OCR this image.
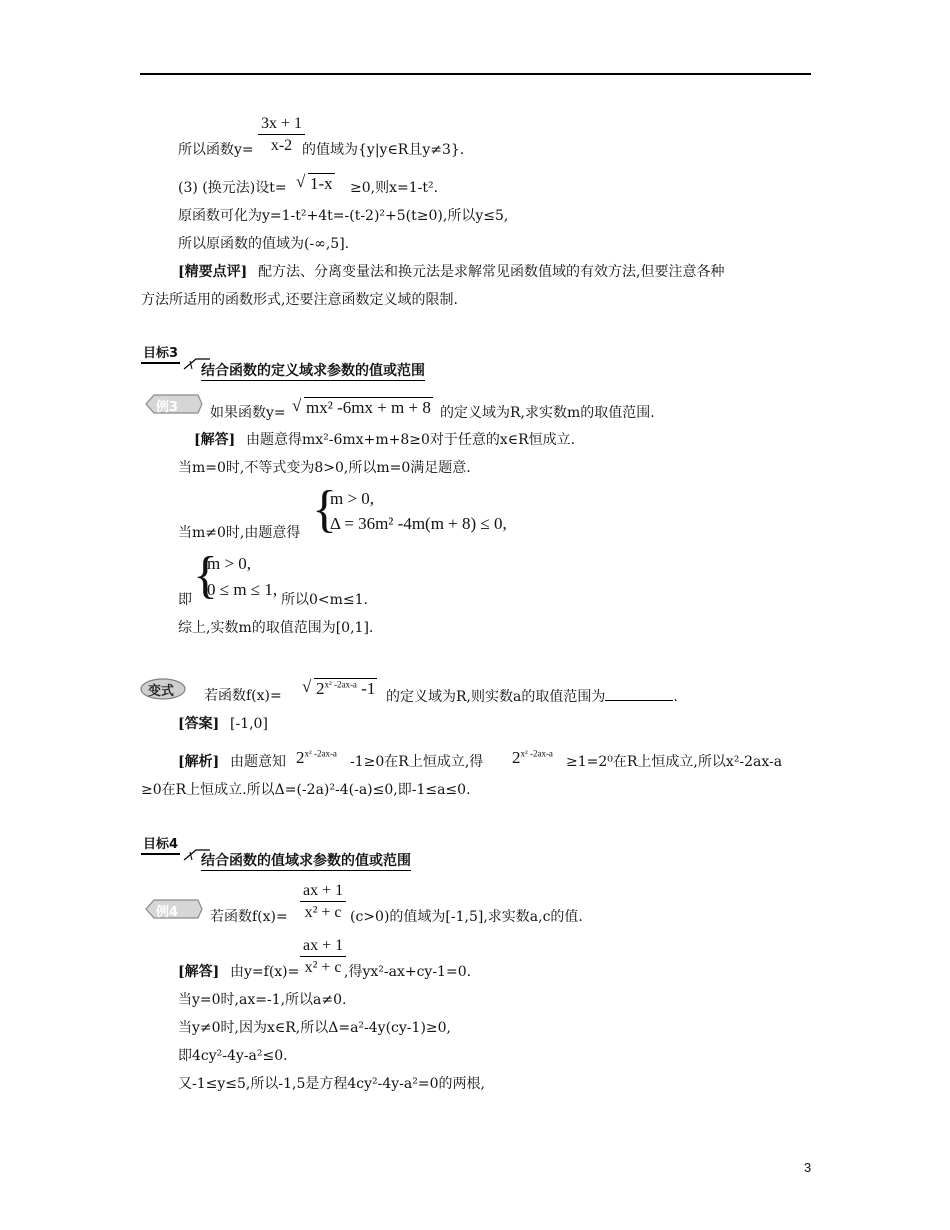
所以函数$y= \frac{3x + 1}{x-2}$
的值域为{y|y∈R且y≠3}.
(3) (换元法)设t= √ 1-x ≥0,则x=1-t².
原函数可化为y=1-t²+4t=-(t-2)²+5(t≥0),所以y≤5,
所以原函数的值域为(-∞,5].
[精要点评] 配方法、分离变量法和换元法是求解常见函数值域的有效方法,但要注意各种
方法所适用的函数形式,还要注意函数定义域的限制.
目标3
结合函数的定义域求参数的值或范围
例3 如果函数y= √ mx² -6mx + m + 8 的定义域为R,求实数m的取值范围.
[解答] 由题意得mx²-6mx+m+8≥0对于任意的x∈R恒成立.
当m=0时,不等式变为8>0,所以m=0满足题意.
当m≠0时,由题意得 {
m > 0,
Δ = 36m² -4m(m + 8) ≤ 0,
即 {
m > 0,
0 ≤ m ≤ 1,
所以0<m≤1.
综上,实数m的取值范围为[0,1].
变式 若函数f(x)= √ $2^{x^2 -2ax-a}$ -1 的定义域为R,则实数a的取值范围为	.
[答案] [-1,0]
[解析] 由题意知 $2^{x^2 -2ax-a}$
-1≥0在R上恒成立,得 $2^{x^2 -2ax-a}$
≥1=2⁰在R上恒成立,所以x²-2ax-a
≥0在R上恒成立.所以Δ=(-2a)²-4(-a)≤0,即-1≤a≤0.
目标4
结合函数的值域求参数的值或范围
例4 若函数$f(x)= \frac{ax + 1}{\text{x² + c}} (c>0)$的值域为[-1,5],求实数a,c的值.
[解答] 由$y=f(x)= \frac{ax + 1}{\text{x² + c}}$
,得yx²-ax+cy-1=0.
当y=0时,ax=-1,所以a≠0.
当y≠0时,因为x∈R,所以Δ=a²-4y(cy-1)≥0,
即4cy²-4y-a²≤0.
又-1≤y≤5,所以-1,5是方程4cy²-4y-a²=0的两根,
3
